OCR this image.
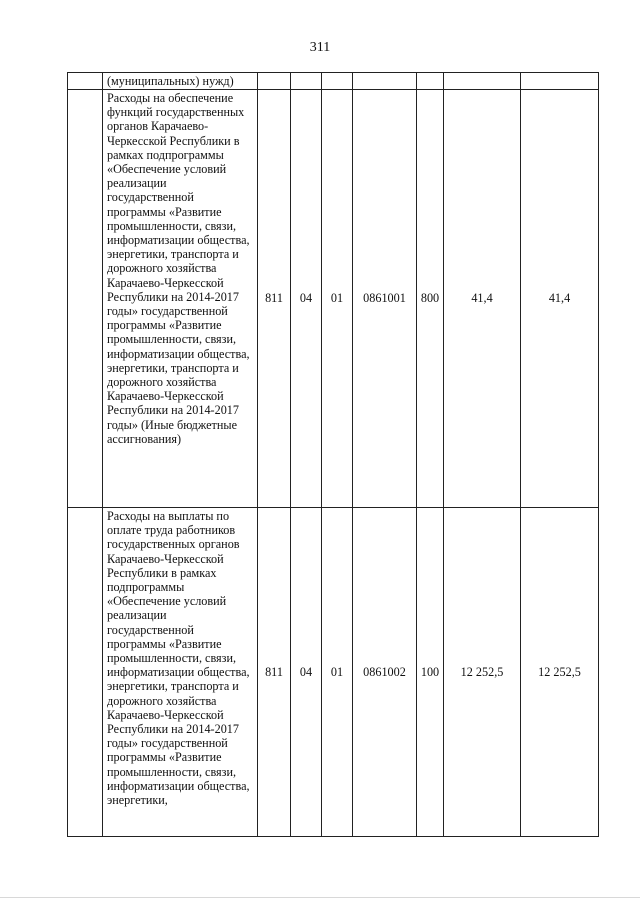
311
	(муниципальных) нужд)							
	Расходы на обеспечение функций государственных органов Карачаево-Черкесской Республики в рамках подпрограммы «Обеспечение условий реализации государственной программы «Развитие промышленности, связи, информатизации общества, энергетики, транспорта и дорожного хозяйства Карачаево-Черкесской Республики на 2014-2017 годы» государственной программы «Развитие промышленности, связи, информатизации общества, энергетики, транспорта и дорожного хозяйства Карачаево-Черкесской Республики на 2014-2017 годы» (Иные бюджетные ассигнования)	811	04	01	0861001	800	41,4	41,4
	Расходы на выплаты по оплате труда работников государственных органов Карачаево-Черкесской Республики в рамках подпрограммы «Обеспечение условий реализации государственной программы «Развитие промышленности, связи, информатизации общества, энергетики, транспорта и дорожного хозяйства Карачаево-Черкесской Республики на 2014-2017 годы» государственной программы «Развитие промышленности, связи, информатизации общества, энергетики,	811	04	01	0861002	100	12 252,5	12 252,5
